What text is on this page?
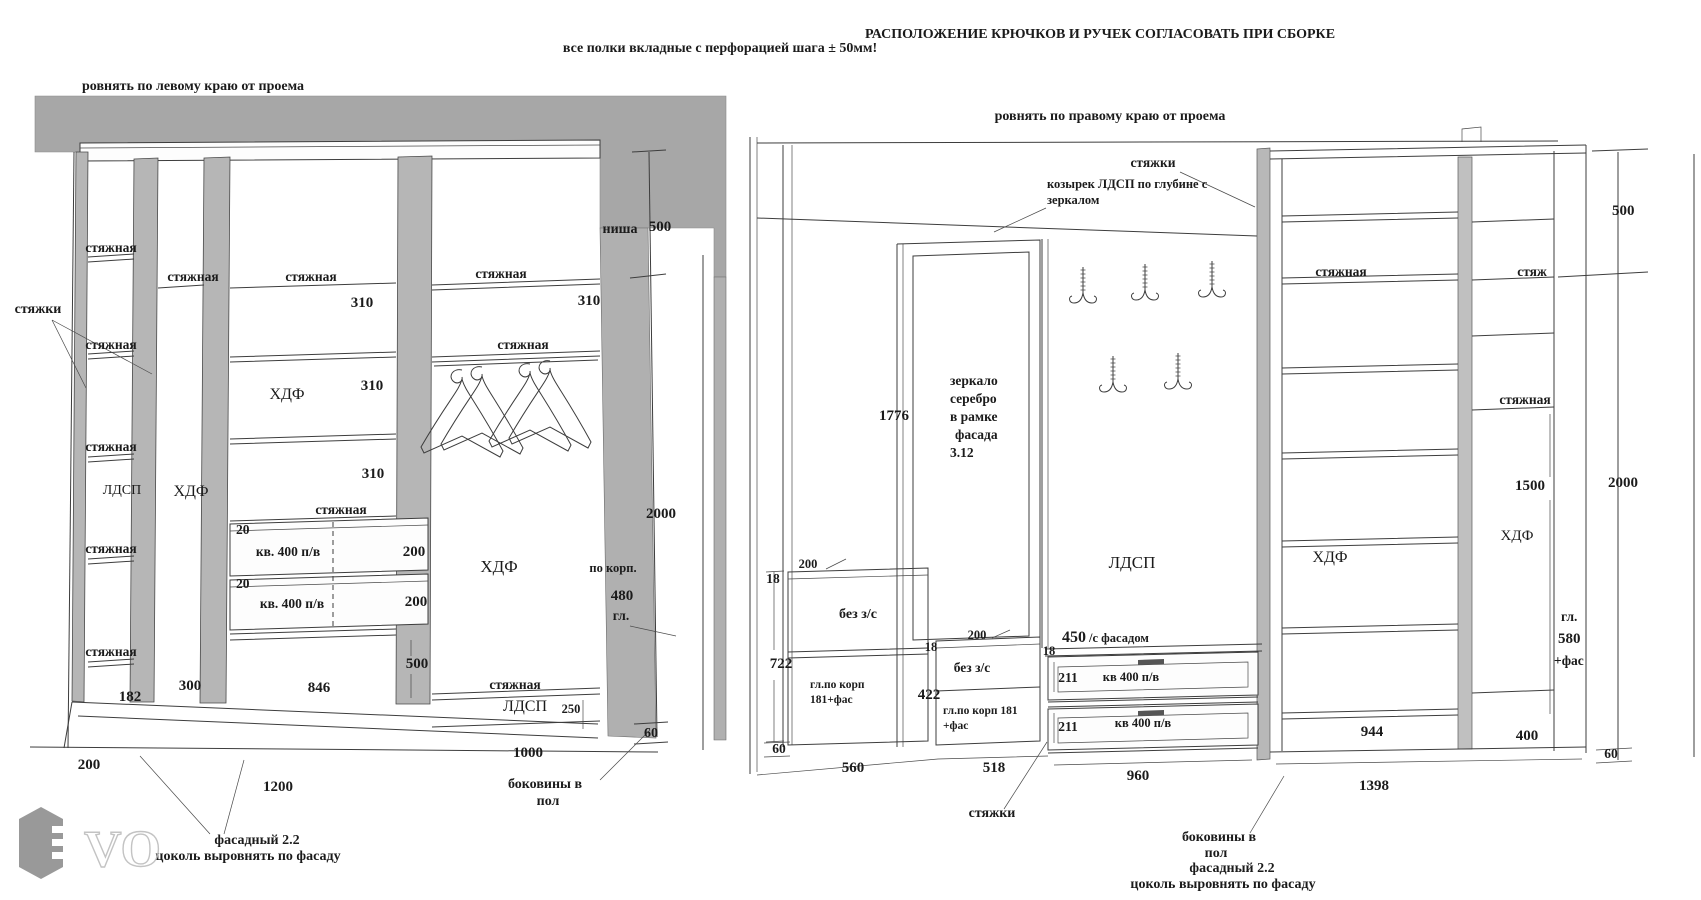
РАСПОЛОЖЕНИЕ КРЮЧКОВ И РУЧЕК СОГЛАСОВАТЬ ПРИ СБОРКЕ
все полки вкладные с перфорацией шага ± 50мм!
ровнять по левому краю от проема
ровнять по правому краю от проема
стяжки
стяжная
стяжная
стяжная
стяжная
стяжная
стяжная	стяжная	стяжная
стяжная
стяжная
стяжная
ЛДСП ХДФ
ХДФ
ХДФ
ЛДСП
310
310
310
310
20
20
кв. 400 п/в
кв. 400 п/в
200
200
500
846
300
182
200
1200
250
1000
ниша 500
2000
по корп.
480
гл.
60
боковины в
пол
фасадный 2.2
цоколь выровнять по фасаду
стяжки
козырек ЛДСП по глубине с
зеркалом
1776
зеркало
серебро
в рамке
фасада
3.12
18
200
без з/с
722
гл.по корп
181+фас
60
560
200
18
без з/с
422
гл.по корп 181
+фас
518
450 /с фасадом
18
211 кв 400 п/в
211	кв 400 п/в
960
стяжки
ЛДСП
стяжная	стяж
стяжная
ХДФ
ХДФ
1500	2000
500
гл.
580
+фас
400
60
944
1398
боковины в
пол
фасадный 2.2
цоколь выровнять по фасаду
VO
